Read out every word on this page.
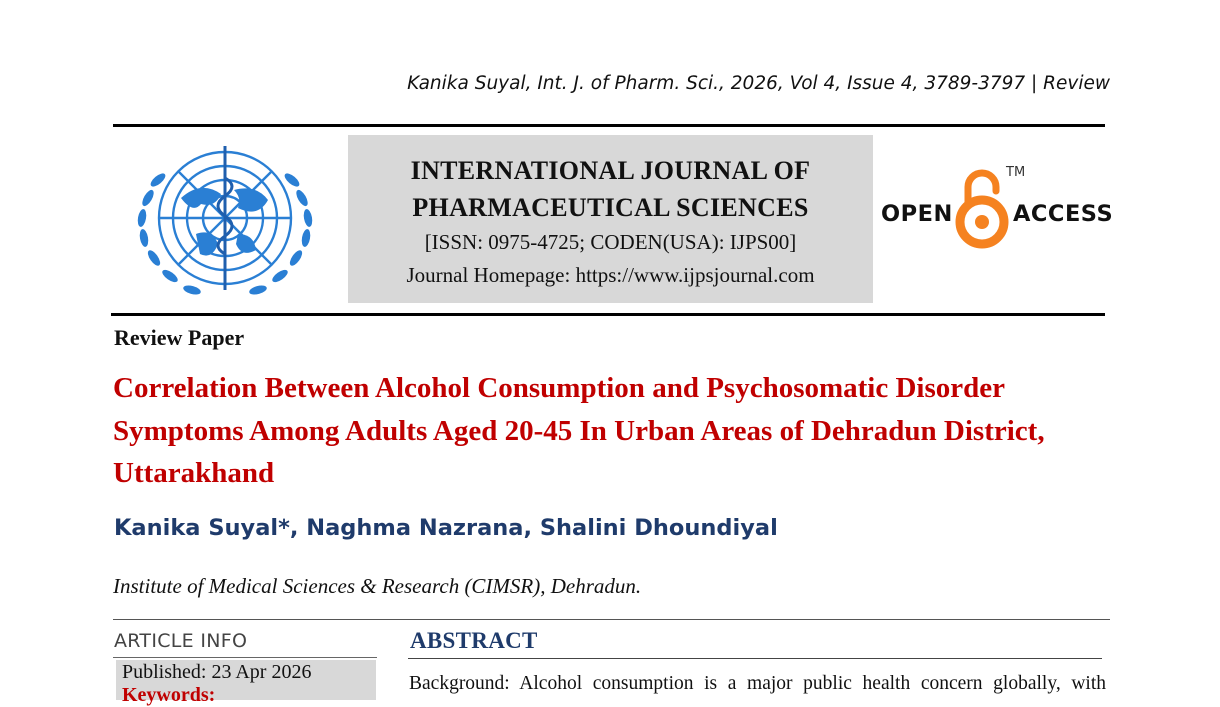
Kanika Suyal, Int. J. of Pharm. Sci., 2026, Vol 4, Issue 4, 3789-3797 | Review
INTERNATIONAL JOURNAL OF
PHARMACEUTICAL SCIENCES
[ISSN: 0975-4725; CODEN(USA): IJPS00]
Journal Homepage: https://www.ijpsjournal.com
OPEN
TM
ACCESS
Review Paper
Correlation Between Alcohol Consumption and Psychosomatic Disorder Symptoms Among Adults Aged 20-45 In Urban Areas of Dehradun District, Uttarakhand
Kanika Suyal*, Naghma Nazrana, Shalini Dhoundiyal
Institute of Medical Sciences & Research (CIMSR), Dehradun.
ARTICLE INFO
Published: 23 Apr 2026
Keywords:
ABSTRACT
Background: Alcohol consumption is a major public health concern globally, with
